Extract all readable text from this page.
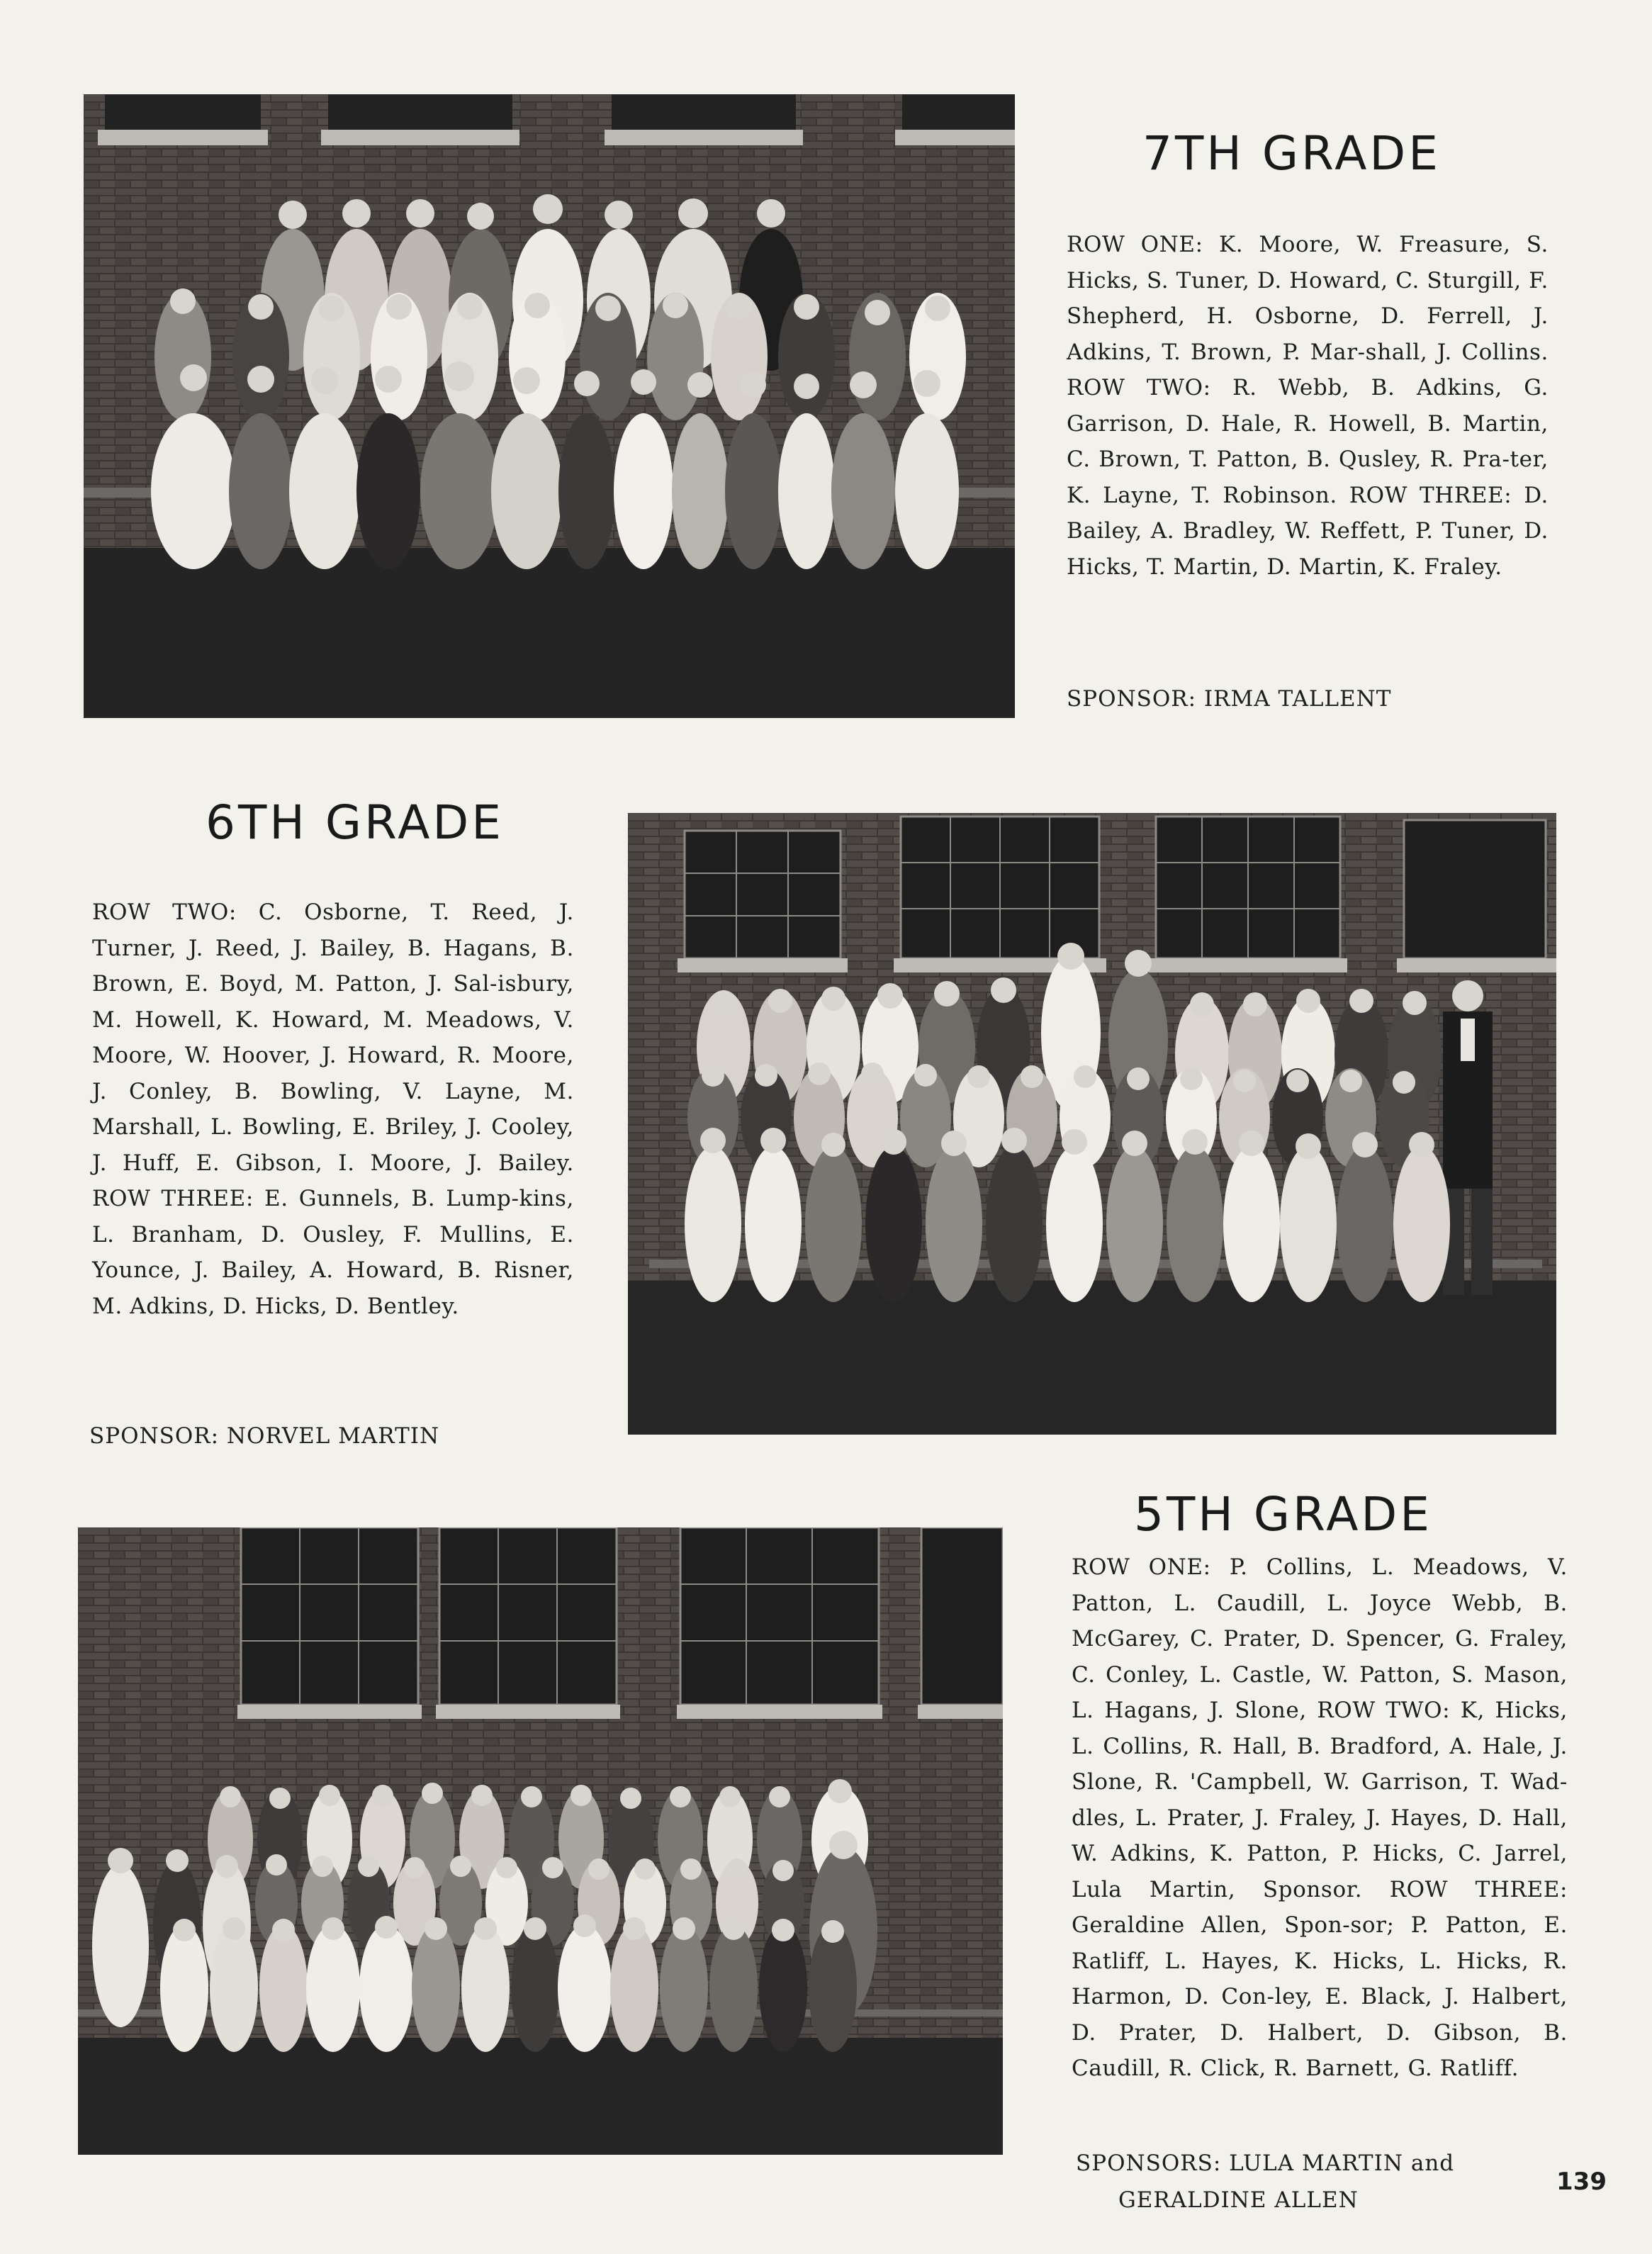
7TH GRADE

ROW ONE: K. Moore, W. Freasure, S. Hicks, S. Tuner, D. Howard, C. Sturgill, F. Shepherd, H. Osborne, D. Ferrell, J. Adkins, T. Brown, P. Mar-shall, J. Collins. ROW TWO: R. Webb, B. Adkins, G. Garrison, D. Hale, R. Howell, B. Martin, C. Brown, T. Patton, B. Qusley, R. Pra-ter, K. Layne, T. Robinson. ROW THREE: D. Bailey, A. Bradley, W. Reffett, P. Tuner, D. Hicks, T. Martin, D. Martin, K. Fraley.

SPONSOR: IRMA TALLENT

6TH GRADE

ROW TWO: C. Osborne, T. Reed, J. Turner, J. Reed, J. Bailey, B. Hagans, B. Brown, E. Boyd, M. Patton, J. Sal-isbury, M. Howell, K. Howard, M. Meadows, V. Moore, W. Hoover, J. Howard, R. Moore, J. Conley, B. Bowling, V. Layne, M. Marshall, L. Bowling, E. Briley, J. Cooley, J. Huff, E. Gibson, I. Moore, J. Bailey. ROW THREE: E. Gunnels, B. Lump-kins, L. Branham, D. Ousley, F. Mullins, E. Younce, J. Bailey, A. Howard, B. Risner, M. Adkins, D. Hicks, D. Bentley.

SPONSOR: NORVEL MARTIN

5TH GRADE

ROW ONE: P. Collins, L. Meadows, V. Patton, L. Caudill, L. Joyce Webb, B. McGarey, C. Prater, D. Spencer, G. Fraley, C. Conley, L. Castle, W. Patton, S. Mason, L. Hagans, J. Slone, ROW TWO: K, Hicks, L. Collins, R. Hall, B. Bradford, A. Hale, J. Slone, R. 'Campbell, W. Garrison, T. Wad-dles, L. Prater, J. Fraley, J. Hayes, D. Hall, W. Adkins, K. Patton, P. Hicks, C. Jarrel, Lula Martin, Sponsor. ROW THREE: Geraldine Allen, Spon-sor; P. Patton, E. Ratliff, L. Hayes, K. Hicks, L. Hicks, R. Harmon, D. Con-ley, E. Black, J. Halbert, D. Prater, D. Halbert, D. Gibson, B. Caudill, R. Click, R. Barnett, G. Ratliff.

SPONSORS: LULA MARTIN and

GERALDINE ALLEN

139
